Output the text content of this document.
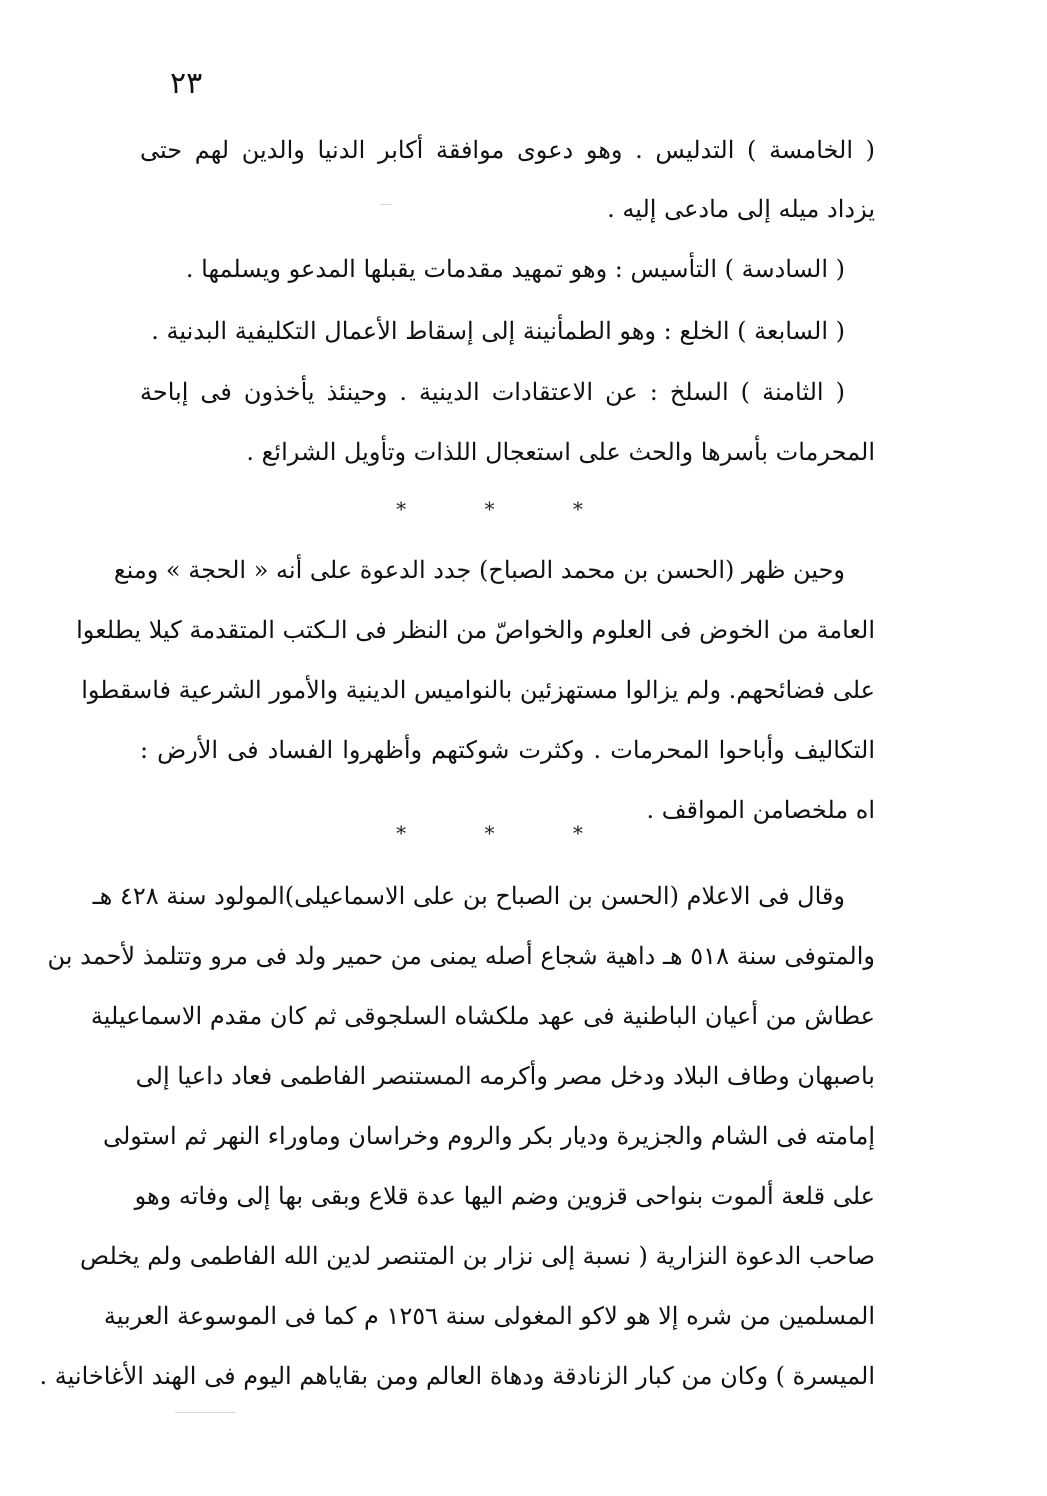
٢٣
( الخامسة ) التدليس . وهو دعوى موافقة أكابر الدنيا والدين لهم حتى
يزداد ميله إلى مادعى إليه .
( السادسة ) التأسيس : وهو تمهيد مقدمات يقبلها المدعو ويسلمها .
( السابعة ) الخلع : وهو الطمأنينة إلى إسقاط الأعمال التكليفية البدنية .
( الثامنة ) السلخ : عن الاعتقادات الدينية . وحينئذ يأخذون فى إباحة
المحرمات بأسرها والحث على استعجال اللذات وتأويل الشرائع .
* * *
وحين ظهر (الحسن بن محمد الصباح) جدد الدعوة على أنه « الحجة » ومنع
العامة من الخوض فى العلوم والخواصّ من النظر فى الـكتب المتقدمة كيلا يطلعوا
على فضائحهم. ولم يزالوا مستهزئين بالنواميس الدينية والأمور الشرعية فاسقطوا
التكاليف وأباحوا المحرمات . وكثرت شوكتهم وأظهروا الفساد فى الأرض :
اه ملخصامن المواقف .
* * *
وقال فى الاعلام (الحسن بن الصباح بن على الاسماعيلى)المولود سنة ٤٢٨ هـ
والمتوفى سنة ٥١٨ هـ داهية شجاع أصله يمنى من حمير ولد فى مرو وتتلمذ لأحمد بن
عطاش من أعيان الباطنية فى عهد ملكشاه السلجوقى ثم كان مقدم الاسماعيلية
باصبهان وطاف البلاد ودخل مصر وأكرمه المستنصر الفاطمى فعاد داعيا إلى
إمامته فى الشام والجزيرة وديار بكر والروم وخراسان وماوراء النهر ثم استولى
على قلعة ألموت بنواحى قزوين وضم اليها عدة قلاع وبقى بها إلى وفاته وهو
صاحب الدعوة النزارية ( نسبة إلى نزار بن المتنصر لدين الله الفاطمى ولم يخلص
المسلمين من شره إلا هو لاكو المغولى سنة ١٢٥٦ م كما فى الموسوعة العربية
الميسرة ) وكان من كبار الزنادقة ودهاة العالم ومن بقاياهم اليوم فى الهند الأغاخانية .
